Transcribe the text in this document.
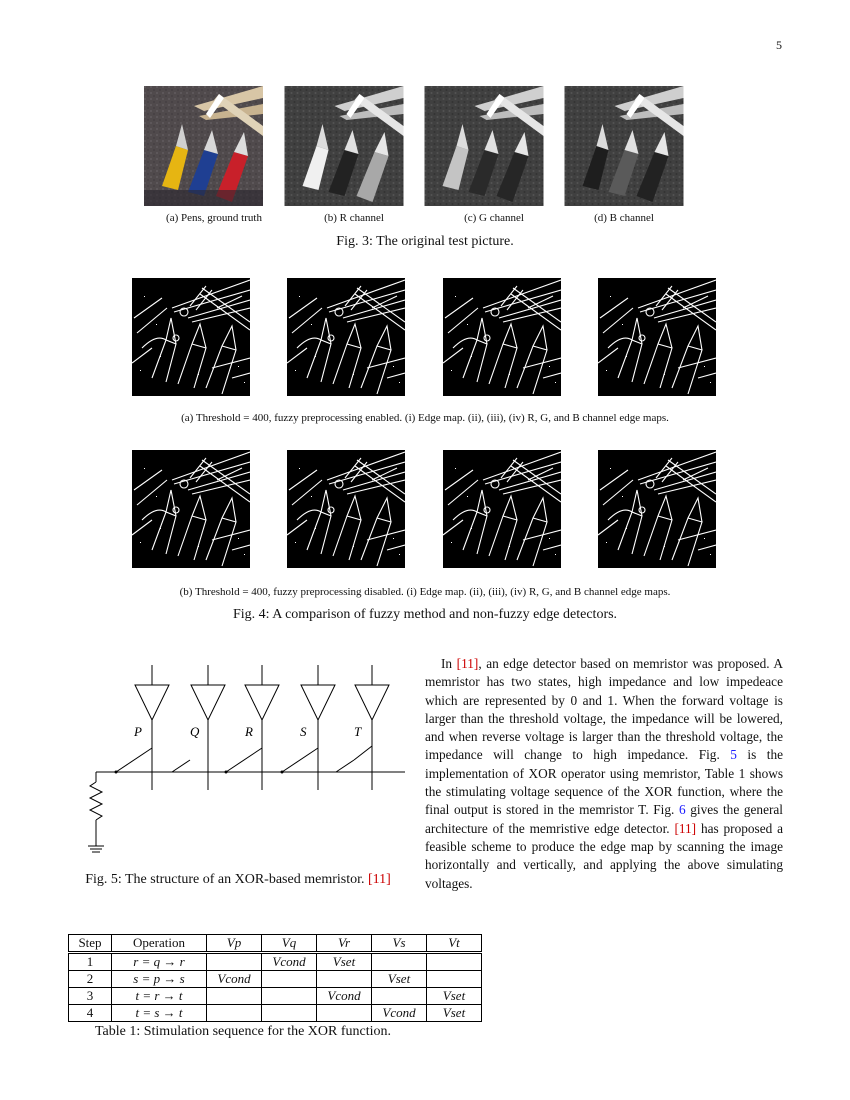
5
(a) Pens, ground truth	(b) R channel	(c) G channel	(d) B channel
Fig. 3: The original test picture.
(a) Threshold = 400, fuzzy preprocessing enabled. (i) Edge map. (ii), (iii), (iv) R, G, and B channel edge maps.
(b) Threshold = 400, fuzzy preprocessing disabled. (i) Edge map. (ii), (iii), (iv) R, G, and B channel edge maps.
Fig. 4: A comparison of fuzzy method and non-fuzzy edge detectors.
P	Q	R	S	T
Fig. 5: The structure of an XOR-based memristor. [11]

In [11], an edge detector based on memristor was proposed. A memristor has two states, high impedance and low impedeace which are represented by 0 and 1. When the forward voltage is larger than the threshold voltage, the impedance will be lowered, and when reverse voltage is larger than the threshold voltage, the impedance will change to high impedance. Fig. 5 is the implementation of XOR operator using memristor, Table 1 shows the stimulating voltage sequence of the XOR function, where the final output is stored in the memristor T. Fig. 6 gives the general architecture of the memristive edge detector. [11] has proposed a feasible scheme to produce the edge map by scanning the image horizontally and vertically, and applying the above simulating voltages.

Step	Operation	Vp	Vq	Vr	Vs	Vt
1	r = q → r		Vcond	Vset		
2	s = p → s	Vcond			Vset	
3	t = r → t			Vcond		Vset
4	t = s → t				Vcond	Vset
Table 1: Stimulation sequence for the XOR function.
